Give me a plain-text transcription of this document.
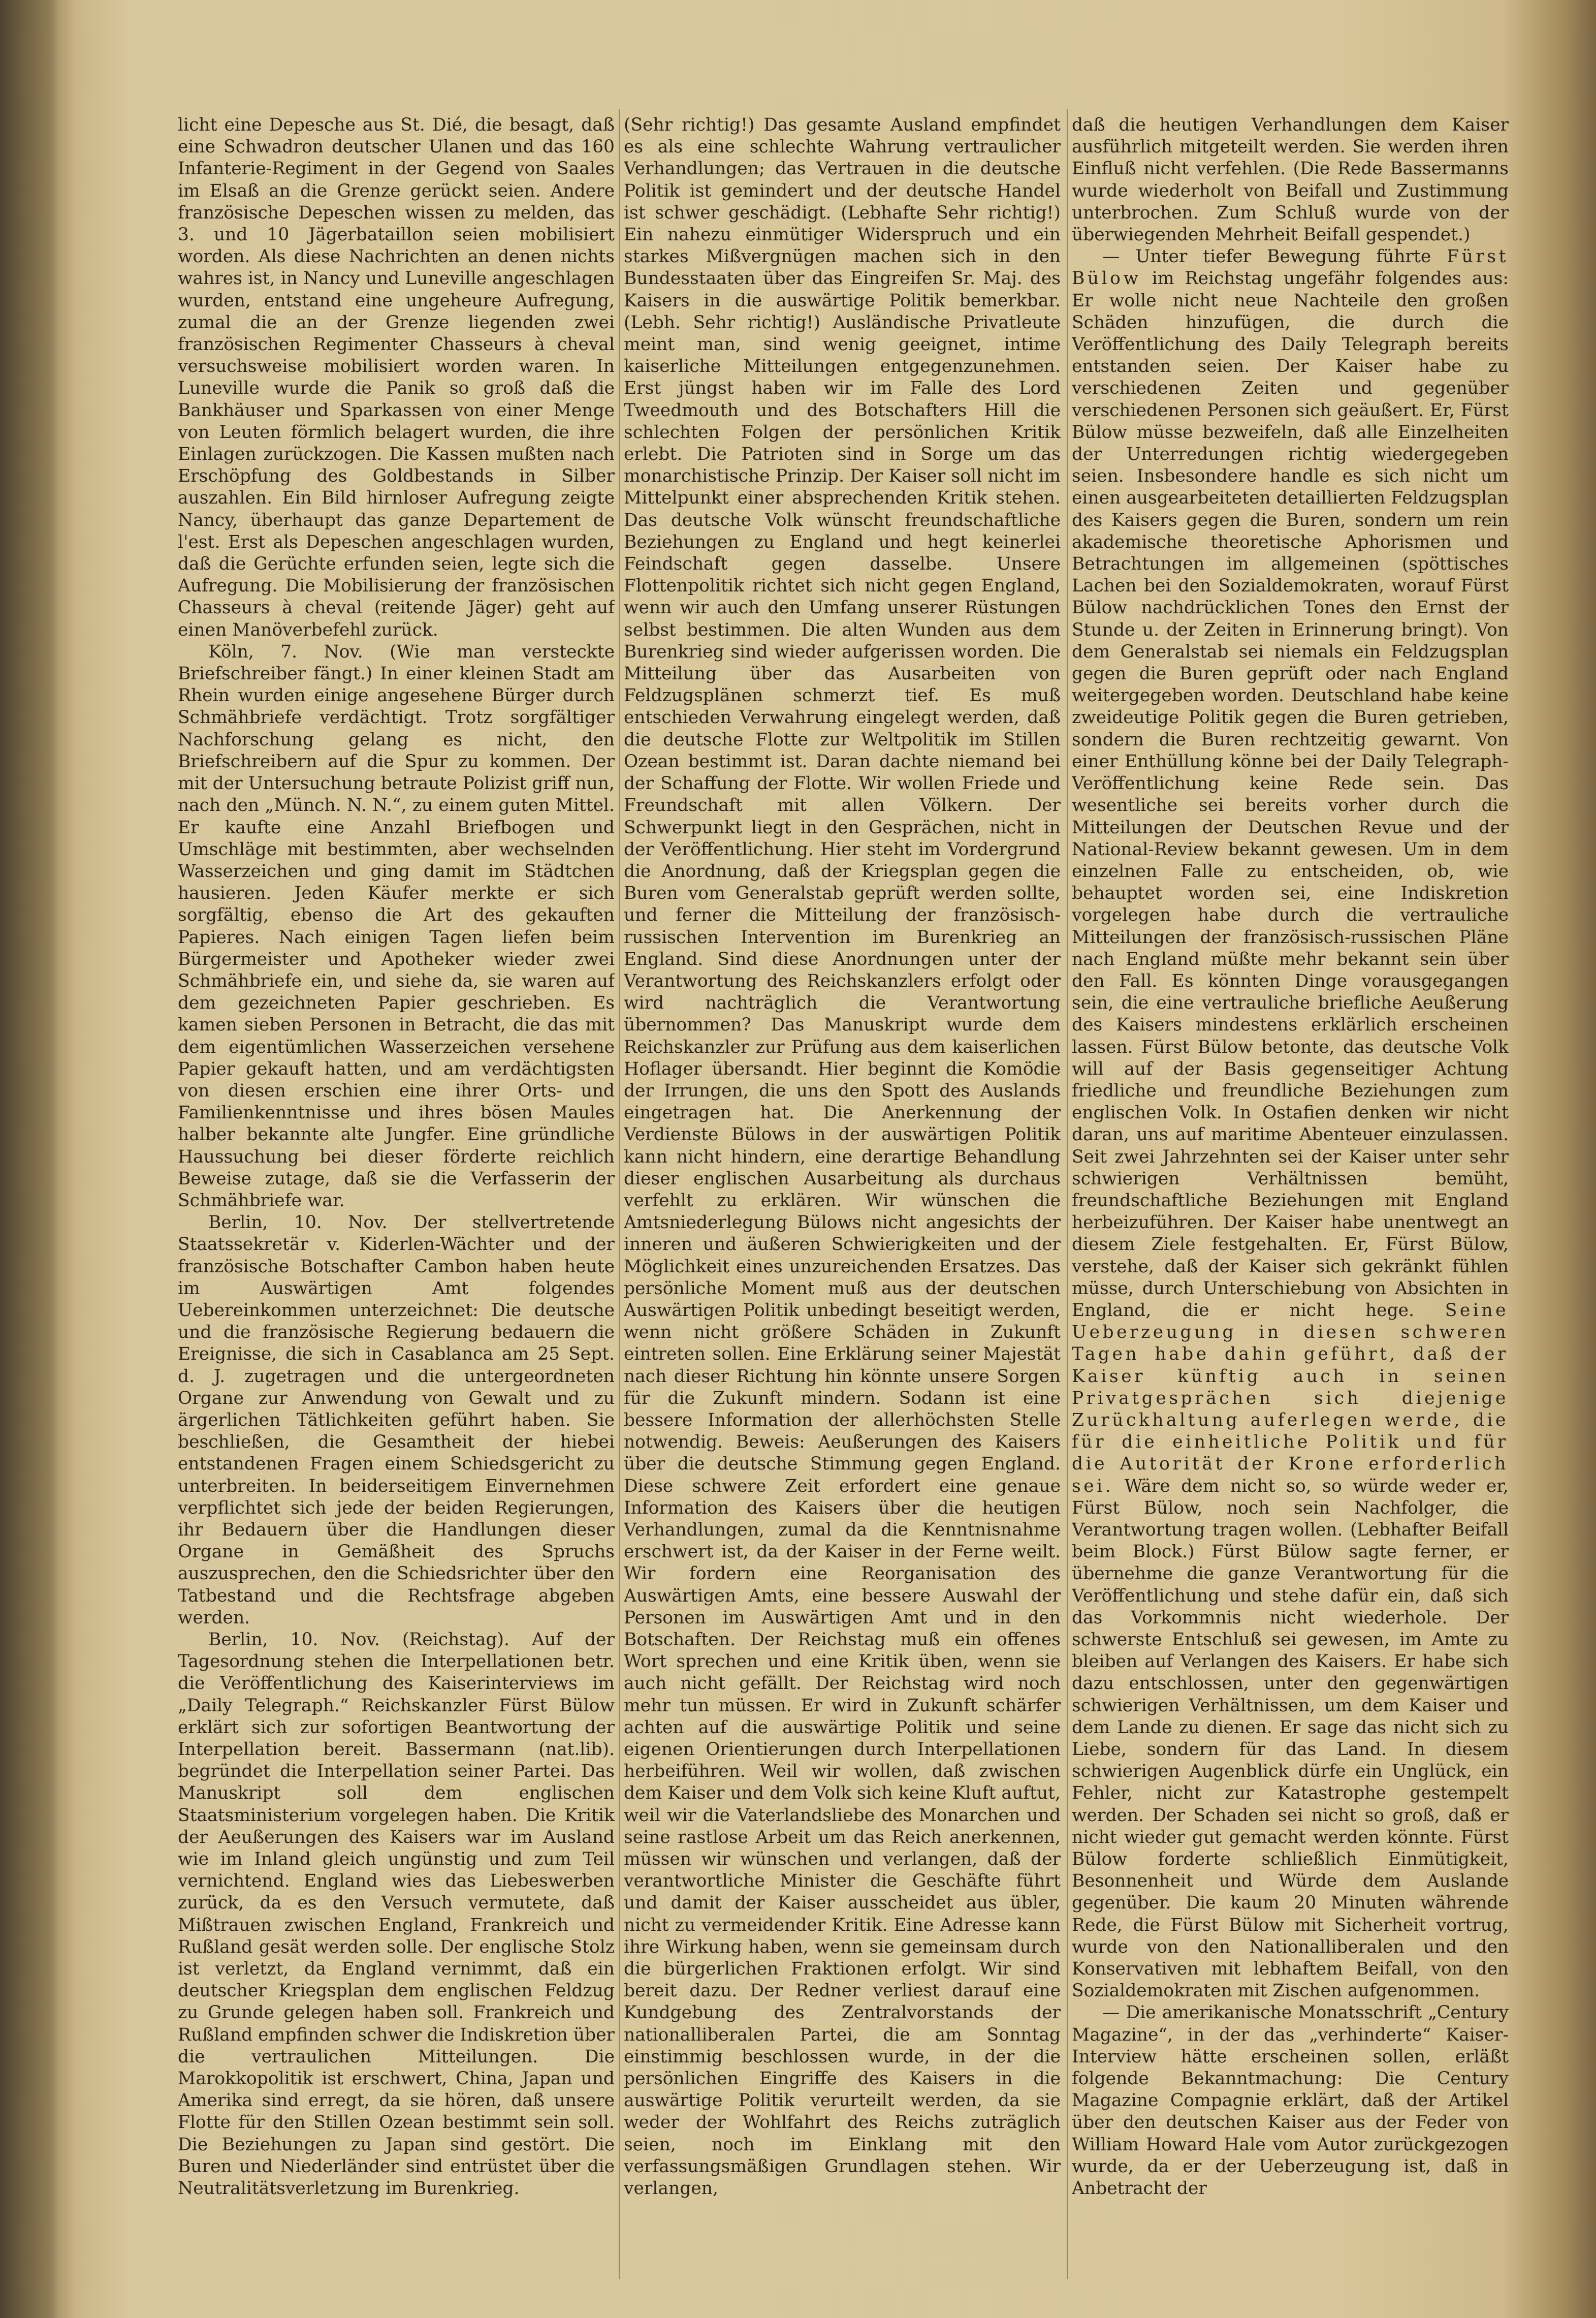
licht eine Depesche aus St. Dié, die besagt, daß eine Schwadron deutscher Ulanen und das 160 Infanterie-Regiment in der Gegend von Saales im Elsaß an die Grenze gerückt seien. Andere französische Depeschen wissen zu melden, das 3. und 10 Jägerbataillon seien mobilisiert worden. Als diese Nachrichten an denen nichts wahres ist, in Nancy und Luneville angeschlagen wurden, entstand eine ungeheure Aufregung, zumal die an der Grenze liegenden zwei französischen Regimenter Chasseurs à cheval versuchsweise mobilisiert worden waren. In Luneville wurde die Panik so groß daß die Bankhäuser und Sparkassen von einer Menge von Leuten förmlich belagert wurden, die ihre Einlagen zurückzogen. Die Kassen mußten nach Erschöpfung des Goldbestands in Silber auszahlen. Ein Bild hirnloser Aufregung zeigte Nancy, überhaupt das ganze Departement de l'est. Erst als Depeschen angeschlagen wurden, daß die Gerüchte erfunden seien, legte sich die Aufregung. Die Mobilisierung der französischen Chasseurs à cheval (reitende Jäger) geht auf einen Manöverbefehl zurück.

Köln, 7. Nov. (Wie man versteckte Briefschreiber fängt.) In einer kleinen Stadt am Rhein wurden einige angesehene Bürger durch Schmähbriefe verdächtigt. Trotz sorgfältiger Nachforschung gelang es nicht, den Briefschreibern auf die Spur zu kommen. Der mit der Untersuchung betraute Polizist griff nun, nach den „Münch. N. N.“, zu einem guten Mittel. Er kaufte eine Anzahl Briefbogen und Umschläge mit bestimmten, aber wechselnden Wasserzeichen und ging damit im Städtchen hausieren. Jeden Käufer merkte er sich sorgfältig, ebenso die Art des gekauften Papieres. Nach einigen Tagen liefen beim Bürgermeister und Apotheker wieder zwei Schmähbriefe ein, und siehe da, sie waren auf dem gezeichneten Papier geschrieben. Es kamen sieben Personen in Betracht, die das mit dem eigentümlichen Wasserzeichen versehene Papier gekauft hatten, und am verdächtigsten von diesen erschien eine ihrer Orts- und Familienkenntnisse und ihres bösen Maules halber bekannte alte Jungfer. Eine gründliche Haussuchung bei dieser förderte reichlich Beweise zutage, daß sie die Verfasserin der Schmähbriefe war.

Berlin, 10. Nov. Der stellvertretende Staatssekretär v. Kiderlen-Wächter und der französische Botschafter Cambon haben heute im Auswärtigen Amt folgendes Uebereinkommen unterzeichnet: Die deutsche und die französische Regierung bedauern die Ereignisse, die sich in Casablanca am 25 Sept. d. J. zugetragen und die untergeordneten Organe zur Anwendung von Gewalt und zu ärgerlichen Tätlichkeiten geführt haben. Sie beschließen, die Gesamtheit der hiebei entstandenen Fragen einem Schiedsgericht zu unterbreiten. In beiderseitigem Einvernehmen verpflichtet sich jede der beiden Regierungen, ihr Bedauern über die Handlungen dieser Organe in Gemäßheit des Spruchs auszusprechen, den die Schiedsrichter über den Tatbestand und die Rechtsfrage abgeben werden.

Berlin, 10. Nov. (Reichstag). Auf der Tagesordnung stehen die Interpellationen betr. die Veröffentlichung des Kaiserinterviews im „Daily Telegraph.“ Reichskanzler Fürst Bülow erklärt sich zur sofortigen Beantwortung der Interpellation bereit. Bassermann (nat.lib). begründet die Interpellation seiner Partei. Das Manuskript soll dem englischen Staatsministerium vorgelegen haben. Die Kritik der Aeußerungen des Kaisers war im Ausland wie im Inland gleich ungünstig und zum Teil vernichtend. England wies das Liebeswerben zurück, da es den Versuch vermutete, daß Mißtrauen zwischen England, Frankreich und Rußland gesät werden solle. Der englische Stolz ist verletzt, da England vernimmt, daß ein deutscher Kriegsplan dem englischen Feldzug zu Grunde gelegen haben soll. Frankreich und Rußland empfinden schwer die Indiskretion über die vertraulichen Mitteilungen. Die Marokkopolitik ist erschwert, China, Japan und Amerika sind erregt, da sie hören, daß unsere Flotte für den Stillen Ozean bestimmt sein soll. Die Beziehungen zu Japan sind gestört. Die Buren und Niederländer sind entrüstet über die Neutralitätsverletzung im Burenkrieg.

(Sehr richtig!) Das gesamte Ausland empfindet es als eine schlechte Wahrung vertraulicher Verhandlungen; das Vertrauen in die deutsche Politik ist gemindert und der deutsche Handel ist schwer geschädigt. (Lebhafte Sehr richtig!) Ein nahezu einmütiger Widerspruch und ein starkes Mißvergnügen machen sich in den Bundesstaaten über das Eingreifen Sr. Maj. des Kaisers in die auswärtige Politik bemerkbar. (Lebh. Sehr richtig!) Ausländische Privatleute meint man, sind wenig geeignet, intime kaiserliche Mitteilungen entgegenzunehmen. Erst jüngst haben wir im Falle des Lord Tweedmouth und des Botschafters Hill die schlechten Folgen der persönlichen Kritik erlebt. Die Patrioten sind in Sorge um das monarchistische Prinzip. Der Kaiser soll nicht im Mittelpunkt einer absprechenden Kritik stehen. Das deutsche Volk wünscht freundschaftliche Beziehungen zu England und hegt keinerlei Feindschaft gegen dasselbe. Unsere Flottenpolitik richtet sich nicht gegen England, wenn wir auch den Umfang unserer Rüstungen selbst bestimmen. Die alten Wunden aus dem Burenkrieg sind wieder aufgerissen worden. Die Mitteilung über das Ausarbeiten von Feldzugsplänen schmerzt tief. Es muß entschieden Verwahrung eingelegt werden, daß die deutsche Flotte zur Weltpolitik im Stillen Ozean bestimmt ist. Daran dachte niemand bei der Schaffung der Flotte. Wir wollen Friede und Freundschaft mit allen Völkern. Der Schwerpunkt liegt in den Gesprächen, nicht in der Veröffentlichung. Hier steht im Vordergrund die Anordnung, daß der Kriegsplan gegen die Buren vom Generalstab geprüft werden sollte, und ferner die Mitteilung der französisch-russischen Intervention im Burenkrieg an England. Sind diese Anordnungen unter der Verantwortung des Reichskanzlers erfolgt oder wird nachträglich die Verantwortung übernommen? Das Manuskript wurde dem Reichskanzler zur Prüfung aus dem kaiserlichen Hoflager übersandt. Hier beginnt die Komödie der Irrungen, die uns den Spott des Auslands eingetragen hat. Die Anerkennung der Verdienste Bülows in der auswärtigen Politik kann nicht hindern, eine derartige Behandlung dieser englischen Ausarbeitung als durchaus verfehlt zu erklären. Wir wünschen die Amtsniederlegung Bülows nicht angesichts der inneren und äußeren Schwierigkeiten und der Möglichkeit eines unzureichenden Ersatzes. Das persönliche Moment muß aus der deutschen Auswärtigen Politik unbedingt beseitigt werden, wenn nicht größere Schäden in Zukunft eintreten sollen. Eine Erklärung seiner Majestät nach dieser Richtung hin könnte unsere Sorgen für die Zukunft mindern. Sodann ist eine bessere Information der allerhöchsten Stelle notwendig. Beweis: Aeußerungen des Kaisers über die deutsche Stimmung gegen England. Diese schwere Zeit erfordert eine genaue Information des Kaisers über die heutigen Verhandlungen, zumal da die Kenntnisnahme erschwert ist, da der Kaiser in der Ferne weilt. Wir fordern eine Reorganisation des Auswärtigen Amts, eine bessere Auswahl der Personen im Auswärtigen Amt und in den Botschaften. Der Reichstag muß ein offenes Wort sprechen und eine Kritik üben, wenn sie auch nicht gefällt. Der Reichstag wird noch mehr tun müssen. Er wird in Zukunft schärfer achten auf die auswärtige Politik und seine eigenen Orientierungen durch Interpellationen herbeiführen. Weil wir wollen, daß zwischen dem Kaiser und dem Volk sich keine Kluft auftut, weil wir die Vaterlandsliebe des Monarchen und seine rastlose Arbeit um das Reich anerkennen, müssen wir wünschen und verlangen, daß der verantwortliche Minister die Geschäfte führt und damit der Kaiser ausscheidet aus übler, nicht zu vermeidender Kritik. Eine Adresse kann ihre Wirkung haben, wenn sie gemeinsam durch die bürgerlichen Fraktionen erfolgt. Wir sind bereit dazu. Der Redner verliest darauf eine Kundgebung des Zentralvorstands der nationalliberalen Partei, die am Sonntag einstimmig beschlossen wurde, in der die persönlichen Eingriffe des Kaisers in die auswärtige Politik verurteilt werden, da sie weder der Wohlfahrt des Reichs zuträglich seien, noch im Einklang mit den verfassungsmäßigen Grundlagen stehen. Wir verlangen,

daß die heutigen Verhandlungen dem Kaiser ausführlich mitgeteilt werden. Sie werden ihren Einfluß nicht verfehlen. (Die Rede Bassermanns wurde wiederholt von Beifall und Zustimmung unterbrochen. Zum Schluß wurde von der überwiegenden Mehrheit Beifall gespendet.)

— Unter tiefer Bewegung führte Fürst Bülow im Reichstag ungefähr folgendes aus: Er wolle nicht neue Nachteile den großen Schäden hinzufügen, die durch die Veröffentlichung des Daily Telegraph bereits entstanden seien. Der Kaiser habe zu verschiedenen Zeiten und gegenüber verschiedenen Personen sich geäußert. Er, Fürst Bülow müsse bezweifeln, daß alle Einzelheiten der Unterredungen richtig wiedergegeben seien. Insbesondere handle es sich nicht um einen ausgearbeiteten detaillierten Feldzugsplan des Kaisers gegen die Buren, sondern um rein akademische theoretische Aphorismen und Betrachtungen im allgemeinen (spöttisches Lachen bei den Sozialdemokraten, worauf Fürst Bülow nachdrücklichen Tones den Ernst der Stunde u. der Zeiten in Erinnerung bringt). Von dem Generalstab sei niemals ein Feldzugsplan gegen die Buren geprüft oder nach England weitergegeben worden. Deutschland habe keine zweideutige Politik gegen die Buren getrieben, sondern die Buren rechtzeitig gewarnt. Von einer Enthüllung könne bei der Daily Telegraph-Veröffentlichung keine Rede sein. Das wesentliche sei bereits vorher durch die Mitteilungen der Deutschen Revue und der National-Review bekannt gewesen. Um in dem einzelnen Falle zu entscheiden, ob, wie behauptet worden sei, eine Indiskretion vorgelegen habe durch die vertrauliche Mitteilungen der französisch-russischen Pläne nach England müßte mehr bekannt sein über den Fall. Es könnten Dinge vorausgegangen sein, die eine vertrauliche briefliche Aeußerung des Kaisers mindestens erklärlich erscheinen lassen. Fürst Bülow betonte, das deutsche Volk will auf der Basis gegenseitiger Achtung friedliche und freundliche Beziehungen zum englischen Volk. In Ostafien denken wir nicht daran, uns auf maritime Abenteuer einzulassen. Seit zwei Jahrzehnten sei der Kaiser unter sehr schwierigen Verhältnissen bemüht, freundschaftliche Beziehungen mit England herbeizuführen. Der Kaiser habe unentwegt an diesem Ziele festgehalten. Er, Fürst Bülow, verstehe, daß der Kaiser sich gekränkt fühlen müsse, durch Unterschiebung von Absichten in England, die er nicht hege. Seine Ueberzeugung in diesen schweren Tagen habe dahin geführt, daß der Kaiser künftig auch in seinen Privatgesprächen sich diejenige Zurückhaltung auferlegen werde, die für die einheitliche Politik und für die Autorität der Krone erforderlich sei. Wäre dem nicht so, so würde weder er, Fürst Bülow, noch sein Nachfolger, die Verantwortung tragen wollen. (Lebhafter Beifall beim Block.) Fürst Bülow sagte ferner, er übernehme die ganze Verantwortung für die Veröffentlichung und stehe dafür ein, daß sich das Vorkommnis nicht wiederhole. Der schwerste Entschluß sei gewesen, im Amte zu bleiben auf Verlangen des Kaisers. Er habe sich dazu entschlossen, unter den gegenwärtigen schwierigen Verhältnissen, um dem Kaiser und dem Lande zu dienen. Er sage das nicht sich zu Liebe, sondern für das Land. In diesem schwierigen Augenblick dürfe ein Unglück, ein Fehler, nicht zur Katastrophe gestempelt werden. Der Schaden sei nicht so groß, daß er nicht wieder gut gemacht werden könnte. Fürst Bülow forderte schließlich Einmütigkeit, Besonnenheit und Würde dem Auslande gegenüber. Die kaum 20 Minuten währende Rede, die Fürst Bülow mit Sicherheit vortrug, wurde von den Nationalliberalen und den Konservativen mit lebhaftem Beifall, von den Sozialdemokraten mit Zischen aufgenommen.

— Die amerikanische Monatsschrift „Century Magazine“, in der das „verhinderte“ Kaiser-Interview hätte erscheinen sollen, erläßt folgende Bekanntmachung: Die Century Magazine Compagnie erklärt, daß der Artikel über den deutschen Kaiser aus der Feder von William Howard Hale vom Autor zurückgezogen wurde, da er der Ueberzeugung ist, daß in Anbetracht der
